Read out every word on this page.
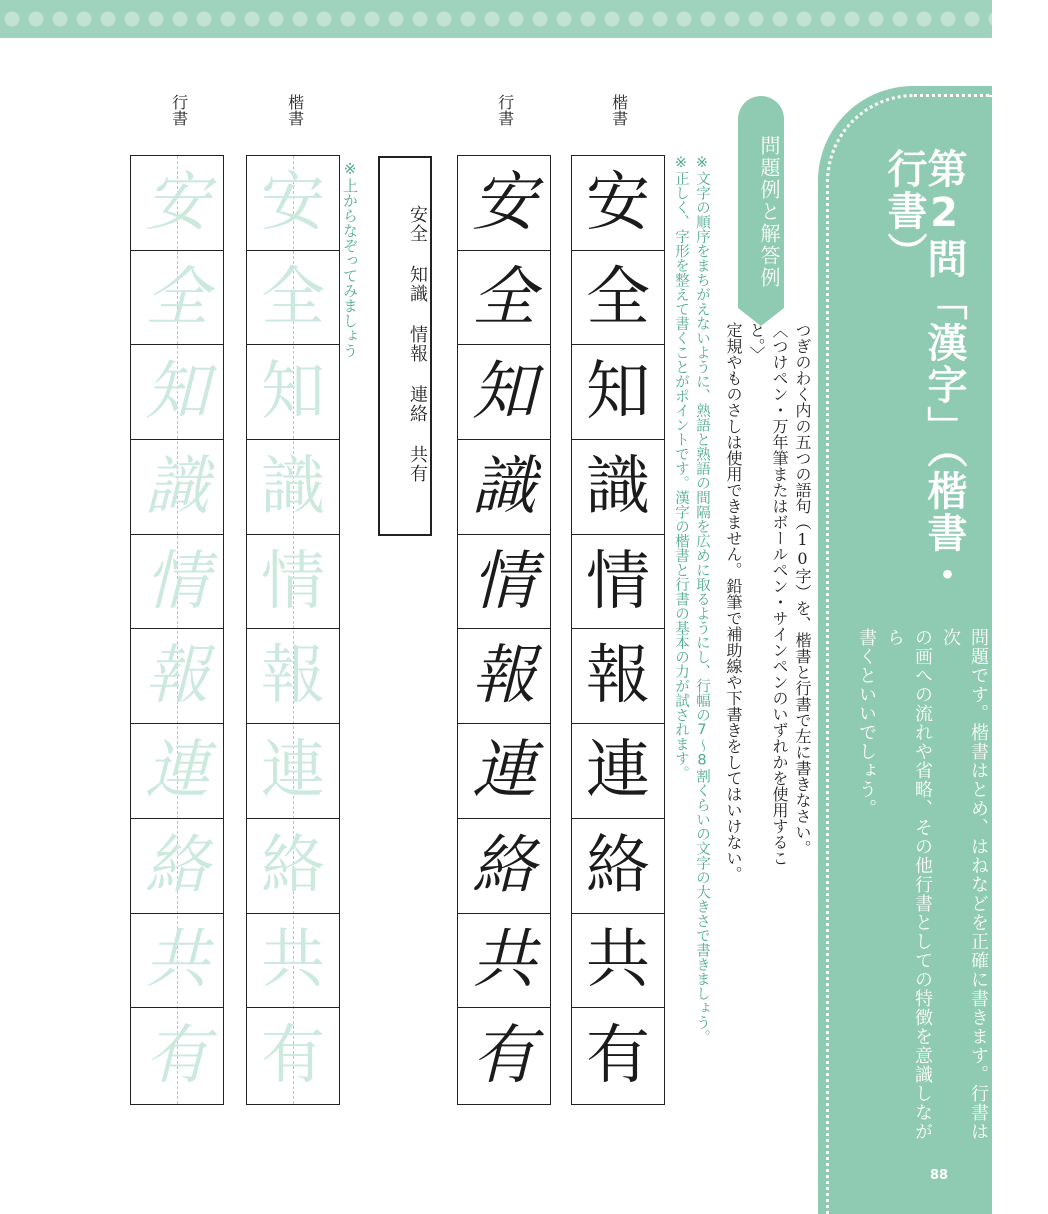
第2問「漢字」（楷書・行書）
漢字2字の熟語5つを、楷書と行書で2㎝のますに書くという
問題です。楷書はとめ、はねなどを正確に書きます。行書は次
の画への流れや省略、その他行書としての特徴を意識しながら
書くといいでしょう。
88
問題例と解答例
つぎのわく内の五つの語句（10字）を、楷書と行書で左に書きなさい。
〈つけペン・万年筆またはボールペン・サインペンのいずれかを使用すること。〉
定規やものさしは使用できません。鉛筆で補助線や下書きをしてはいけない。
※文字の順序をまちがえないように、熟語と熟語の間隔を広めに取るようにし、行幅の7～8割くらいの文字の大きさで書きましょう。
※正しく、字形を整えて書くことがポイントです。漢字の楷書と行書の基本の力が試されます。
楷書
安
全
知
識
情
報
連
絡
共
有
行書
安
全
知
識
情
報
連
絡
共
有
安全
知識
情報
連絡
共有
※上からなぞってみましょう
楷書
安
全
知
識
情
報
連
絡
共
有
行書
安
全
知
識
情
報
連
絡
共
有
